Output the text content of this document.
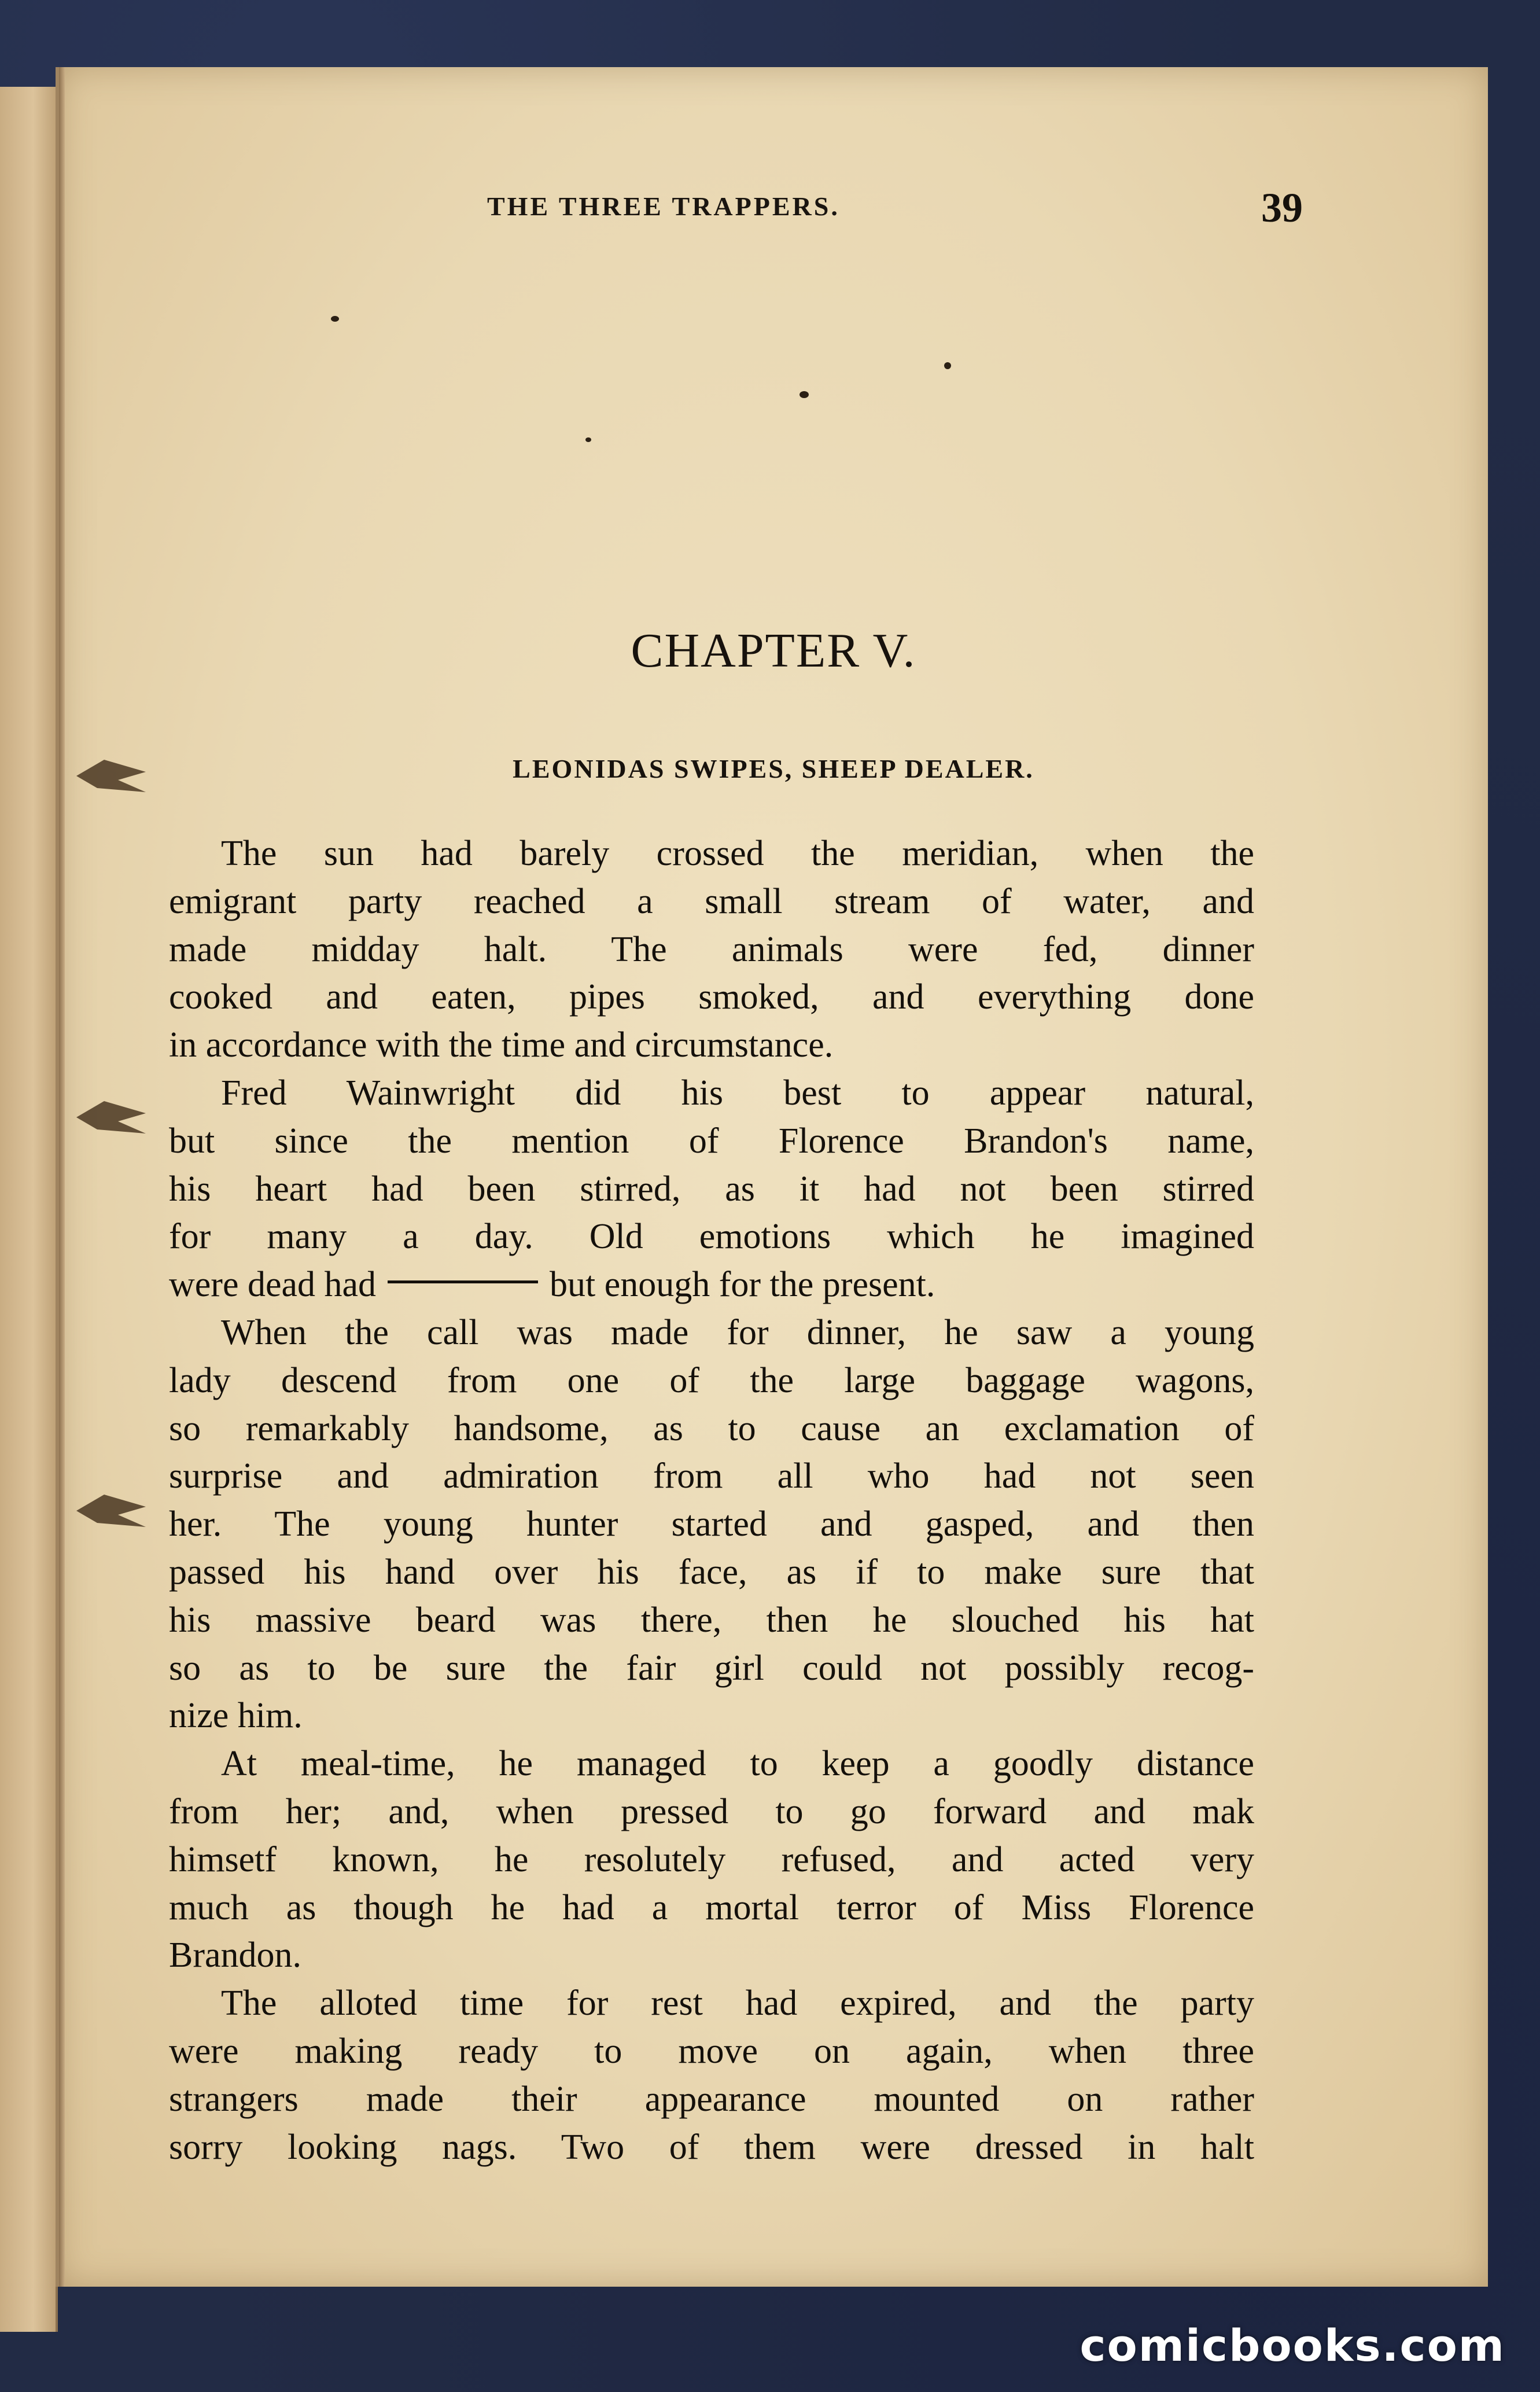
THE THREE TRAPPERS.	39
CHAPTER V.
LEONIDAS SWIPES, SHEEP DEALER.

The sun had barely crossed the meridian, when the
emigrant party reached a small stream of water, and
made midday halt. The animals were fed, dinner
cooked and eaten, pipes smoked, and everything done
in accordance with the time and circumstance.

Fred Wainwright did his best to appear natural,
but since the mention of Florence Brandon's name,
his heart had been stirred, as it had not been stirred
for many a day. Old emotions which he imagined
were dead had	but enough for the present.

When the call was made for dinner, he saw a young
lady descend from one of the large baggage wagons,
so remarkably handsome, as to cause an exclamation of
surprise and admiration from all who had not seen
her. The young hunter started and gasped, and then
passed his hand over his face, as if to make sure that
his massive beard was there, then he slouched his hat
so as to be sure the fair girl could not possibly recog-
nize him.

At meal-time, he managed to keep a goodly distance
from her; and, when pressed to go forward and mak
himsetf known, he resolutely refused, and acted very
much as though he had a mortal terror of Miss Florence
Brandon.

The alloted time for rest had expired, and the party
were making ready to move on again, when three
strangers made their appearance mounted on rather
sorry looking nags. Two of them were dressed in halt

comicbooks.com
